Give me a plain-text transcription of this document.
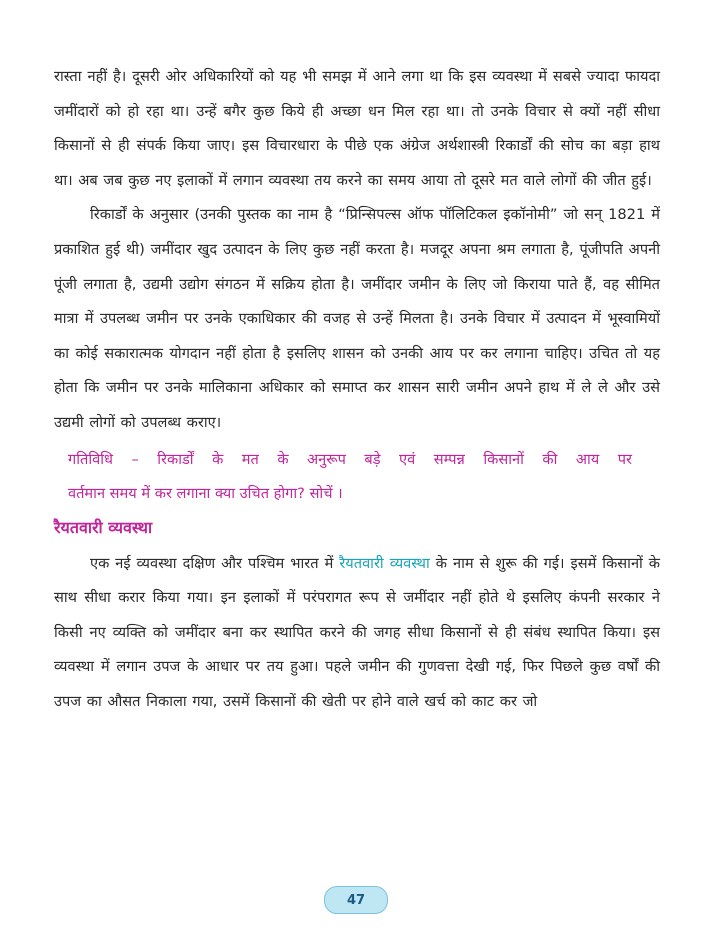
रास्ता नहीं है। दूसरी ओर अधिकारियों को यह भी समझ में आने लगा था कि इस व्यवस्था में सबसे ज्यादा फायदा जमींदारों को हो रहा था। उन्हें बगैर कुछ किये ही अच्छा धन मिल रहा था। तो उनके विचार से क्यों नहीं सीधा किसानों से ही संपर्क किया जाए। इस विचारधारा के पीछे एक अंग्रेज अर्थशास्त्री रिकार्डों की सोच का बड़ा हाथ था। अब जब कुछ नए इलाकों में लगान व्यवस्था तय करने का समय आया तो दूसरे मत वाले लोगों की जीत हुई।

रिकार्डों के अनुसार (उनकी पुस्तक का नाम है “प्रिन्सिपल्स ऑफ पॉलिटिकल इकॉनोमी” जो सन् 1821 में प्रकाशित हुई थी) जमींदार खुद उत्पादन के लिए कुछ नहीं करता है। मजदूर अपना श्रम लगाता है, पूंजीपति अपनी पूंजी लगाता है, उद्यमी उद्योग संगठन में सक्रिय होता है। जमींदार जमीन के लिए जो किराया पाते हैं, वह सीमित मात्रा में उपलब्ध जमीन पर उनके एकाधिकार की वजह से उन्हें मिलता है। उनके विचार में उत्पादन में भूस्वामियों का कोई सकारात्मक योगदान नहीं होता है इसलिए शासन को उनकी आय पर कर लगाना चाहिए। उचित तो यह होता कि जमीन पर उनके मालिकाना अधिकार को समाप्त कर शासन सारी जमीन अपने हाथ में ले ले और उसे उद्यमी लोगों को उपलब्ध कराए।

गतिविधि – रिकार्डों के मत के अनुरूप बड़े एवं सम्पन्न किसानों की आय पर
वर्तमान समय में कर लगाना क्या उचित होगा? सोचें ।
रैयतवारी व्यवस्था

एक नई व्यवस्था दक्षिण और पश्चिम भारत में रैयतवारी व्यवस्था के नाम से शुरू की गई। इसमें किसानों के साथ सीधा करार किया गया। इन इलाकों में परंपरागत रूप से जमींदार नहीं होते थे इसलिए कंपनी सरकार ने किसी नए व्यक्ति को जमींदार बना कर स्थापित करने की जगह सीधा किसानों से ही संबंध स्थापित किया। इस व्यवस्था में लगान उपज के आधार पर तय हुआ। पहले जमीन की गुणवत्ता देखी गई, फिर पिछले कुछ वर्षों की उपज का औसत निकाला गया, उसमें किसानों की खेती पर होने वाले खर्च को काट कर जो

47
